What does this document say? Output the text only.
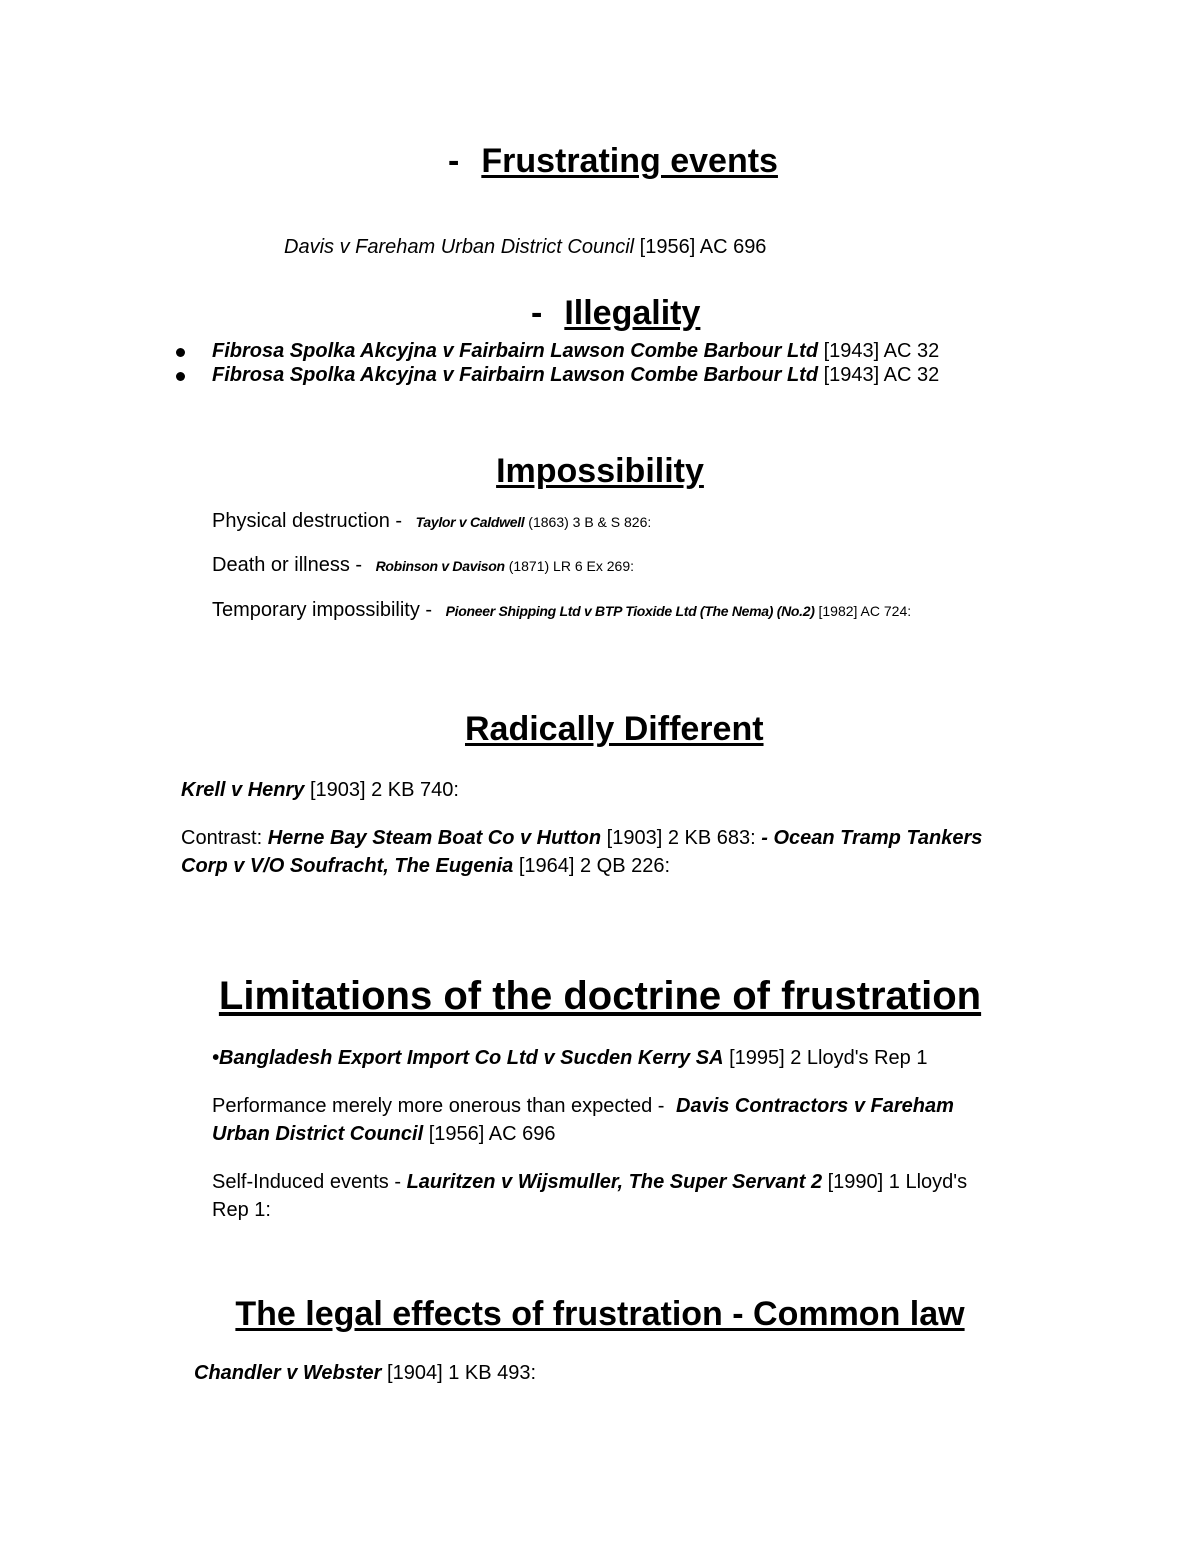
- Frustrating events
Davis v Fareham Urban District Council [1956] AC 696
- Illegality
Fibrosa Spolka Akcyjna v Fairbairn Lawson Combe Barbour Ltd [1943] AC 32
Fibrosa Spolka Akcyjna v Fairbairn Lawson Combe Barbour Ltd [1943] AC 32
Impossibility
Physical destruction - Taylor v Caldwell (1863) 3 B & S 826:
Death or illness - Robinson v Davison (1871) LR 6 Ex 269:
Temporary impossibility - Pioneer Shipping Ltd v BTP Tioxide Ltd (The Nema) (No.2) [1982] AC 724:
Radically Different
Krell v Henry [1903] 2 KB 740:
Contrast: Herne Bay Steam Boat Co v Hutton [1903] 2 KB 683: - Ocean Tramp Tankers
Corp v V/O Soufracht, The Eugenia [1964] 2 QB 226:
Limitations of the doctrine of frustration
•Bangladesh Export Import Co Ltd v Sucden Kerry SA [1995] 2 Lloyd's Rep 1
Performance merely more onerous than expected - Davis Contractors v Fareham
Urban District Council [1956] AC 696
Self-Induced events - Lauritzen v Wijsmuller, The Super Servant 2 [1990] 1 Lloyd's
Rep 1:
The legal effects of frustration - Common law
Chandler v Webster [1904] 1 KB 493:
